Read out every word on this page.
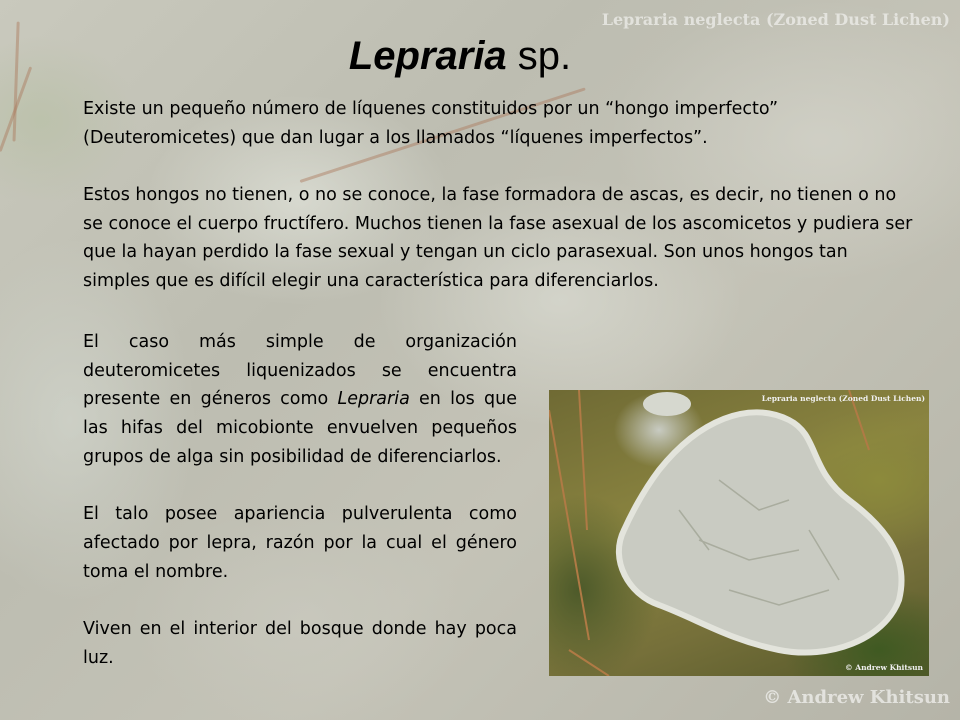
Lepraria neglecta (Zoned Dust Lichen)
Lepraria sp.
Existe un pequeño número de líquenes constituidos por un “hongo imperfecto” (Deuteromicetes) que dan lugar a los llamados “líquenes imperfectos”.
Estos hongos no tienen, o no se conoce, la fase formadora de ascas, es decir, no tienen o no se conoce el cuerpo fructífero. Muchos tienen la fase asexual de los ascomicetos y pudiera ser que la hayan perdido la fase sexual y tengan un ciclo parasexual. Son unos hongos tan simples que es difícil elegir una característica para diferenciarlos.

El caso más simple de organización deuteromicetes liquenizados se encuentra presente en géneros como Lepraria en los que las hifas del micobionte envuelven pequeños grupos de alga sin posibilidad de diferenciarlos.

El talo posee apariencia pulverulenta como afectado por lepra, razón por la cual el género toma el nombre.

Viven en el interior del bosque donde hay poca luz.

Lepraria neglecta (Zoned Dust Lichen)
© Andrew Khitsun
© Andrew Khitsun
